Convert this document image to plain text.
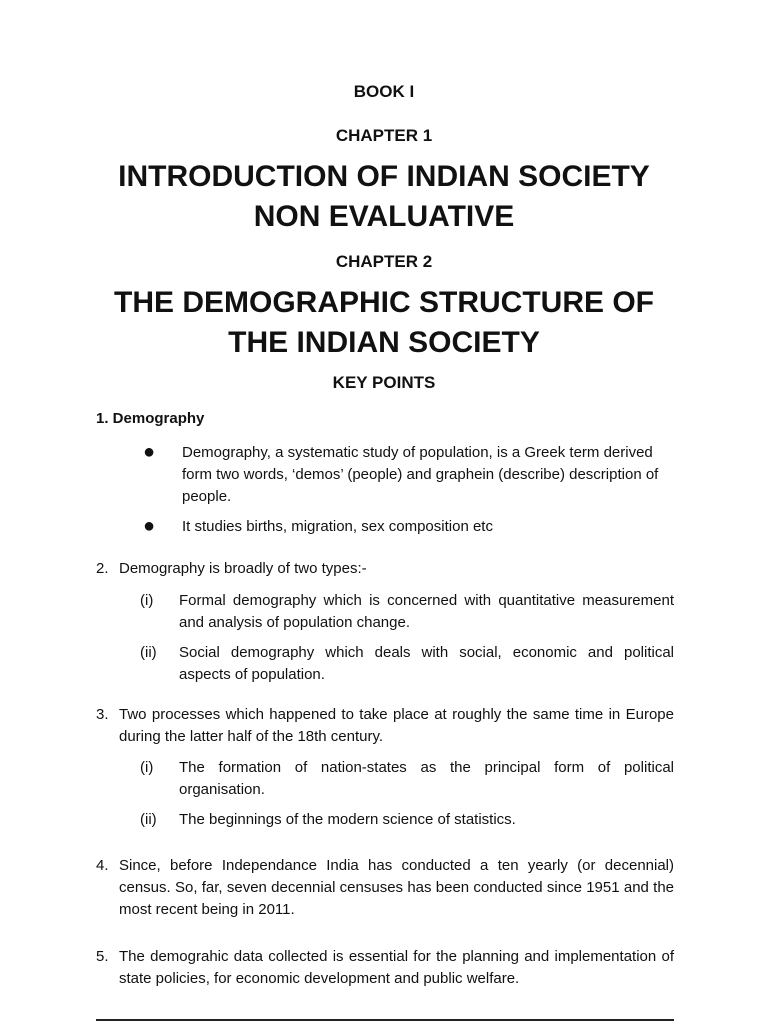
BOOK I
CHAPTER 1
INTRODUCTION OF INDIAN SOCIETY
NON EVALUATIVE
CHAPTER 2
THE DEMOGRAPHIC STRUCTURE OF
THE INDIAN SOCIETY
KEY POINTS
1. Demography
● Demography, a systematic study of population, is a Greek term derived form two words, ‘demos’ (people) and graphein (describe) description of people.
● It studies births, migration, sex composition etc
2. Demography is broadly of two types:-
(i) Formal demography which is concerned with quantitative measurement and analysis of population change.
(ii) Social demography which deals with social, economic and political aspects of population.
3. Two processes which happened to take place at roughly the same time in Europe during the latter half of the 18th century.
(i) The formation of nation-states as the principal form of political organisation.
(ii) The beginnings of the modern science of statistics.
4. Since, before Independance India has conducted a ten yearly (or decennial) census. So, far, seven decennial censuses has been conducted since 1951 and the most recent being in 2011.
5. The demograhic data collected is essential for the planning and implementation of state policies, for economic development and public welfare.
